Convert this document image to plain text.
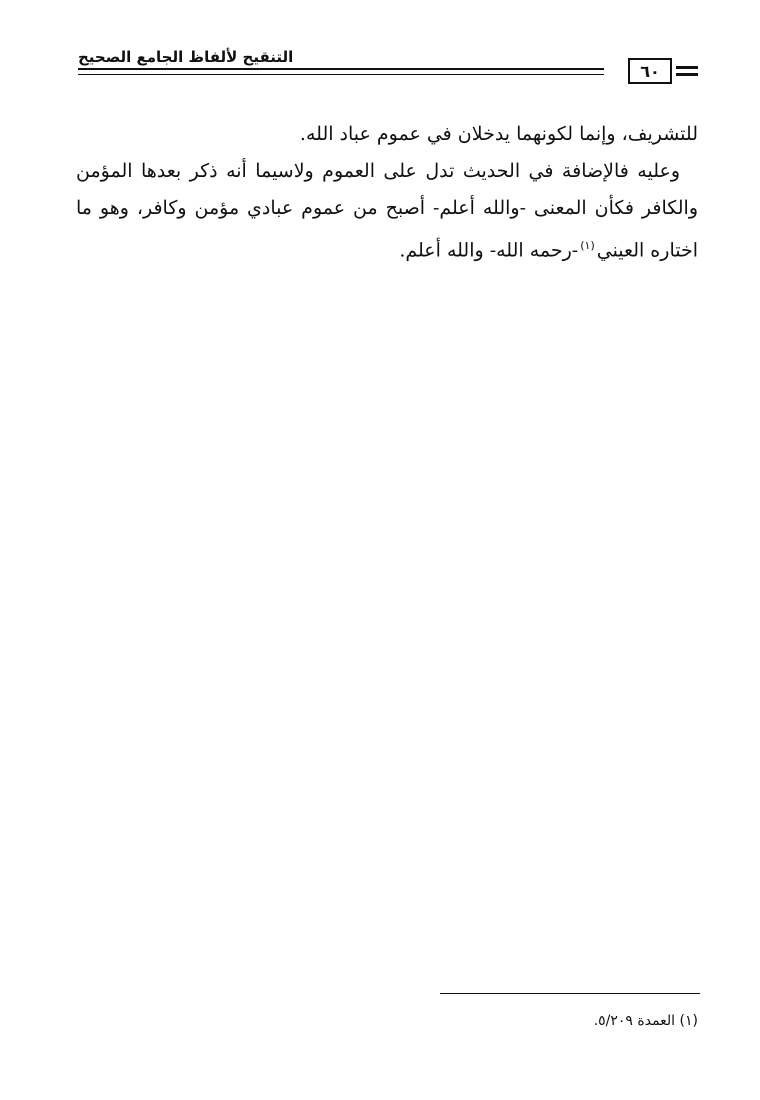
التنقيح لألفاظ الجامع الصحيح
٦٠

للتشريف، وإنما لكونهما يدخلان في عموم عباد الله.

وعليه فالإضافة في الحديث تدل على العموم ولاسيما أنه ذكر بعدها المؤمن والكافر فكأن المعنى -والله أعلم- أصبح من عموم عبادي مؤمن وكافر، وهو ما اختاره العيني$^{(١)}$-رحمه الله- والله أعلم.

(١) العمدة ٥/٢٠٩.
